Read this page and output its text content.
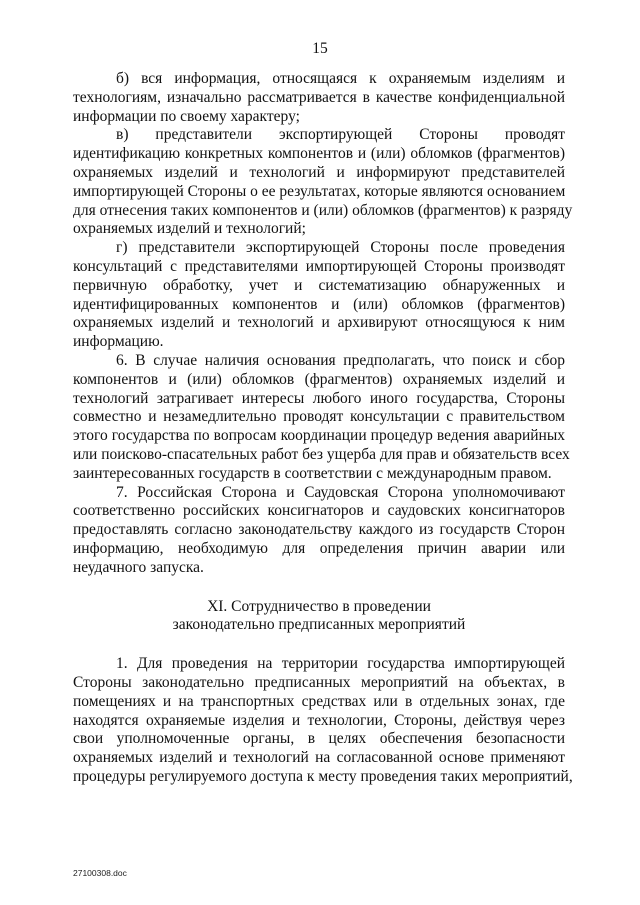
15
б) вся информация, относящаяся к охраняемым изделиям и
технологиям, изначально рассматривается в качестве конфиденциальной
информации по своему характеру;
в) представители экспортирующей Стороны проводят
идентификацию конкретных компонентов и (или) обломков (фрагментов)
охраняемых изделий и технологий и информируют представителей
импортирующей Стороны о ее результатах, которые являются основанием
для отнесения таких компонентов и (или) обломков (фрагментов) к разряду
охраняемых изделий и технологий;
г) представители экспортирующей Стороны после проведения
консультаций с представителями импортирующей Стороны производят
первичную обработку, учет и систематизацию обнаруженных и
идентифицированных компонентов и (или) обломков (фрагментов)
охраняемых изделий и технологий и архивируют относящуюся к ним
информацию.
6. В случае наличия основания предполагать, что поиск и сбор
компонентов и (или) обломков (фрагментов) охраняемых изделий и
технологий затрагивает интересы любого иного государства, Стороны
совместно и незамедлительно проводят консультации с правительством
этого государства по вопросам координации процедур ведения аварийных
или поисково-спасательных работ без ущерба для прав и обязательств всех
заинтересованных государств в соответствии с международным правом.
7. Российская Сторона и Саудовская Сторона уполномочивают
соответственно российских консигнаторов и саудовских консигнаторов
предоставлять согласно законодательству каждого из государств Сторон
информацию, необходимую для определения причин аварии или
неудачного запуска.
XI. Сотрудничество в проведении
законодательно предписанных мероприятий
1. Для проведения на территории государства импортирующей
Стороны законодательно предписанных мероприятий на объектах, в
помещениях и на транспортных средствах или в отдельных зонах, где
находятся охраняемые изделия и технологии, Стороны, действуя через
свои уполномоченные органы, в целях обеспечения безопасности
охраняемых изделий и технологий на согласованной основе применяют
процедуры регулируемого доступа к месту проведения таких мероприятий,
27100308.doc
